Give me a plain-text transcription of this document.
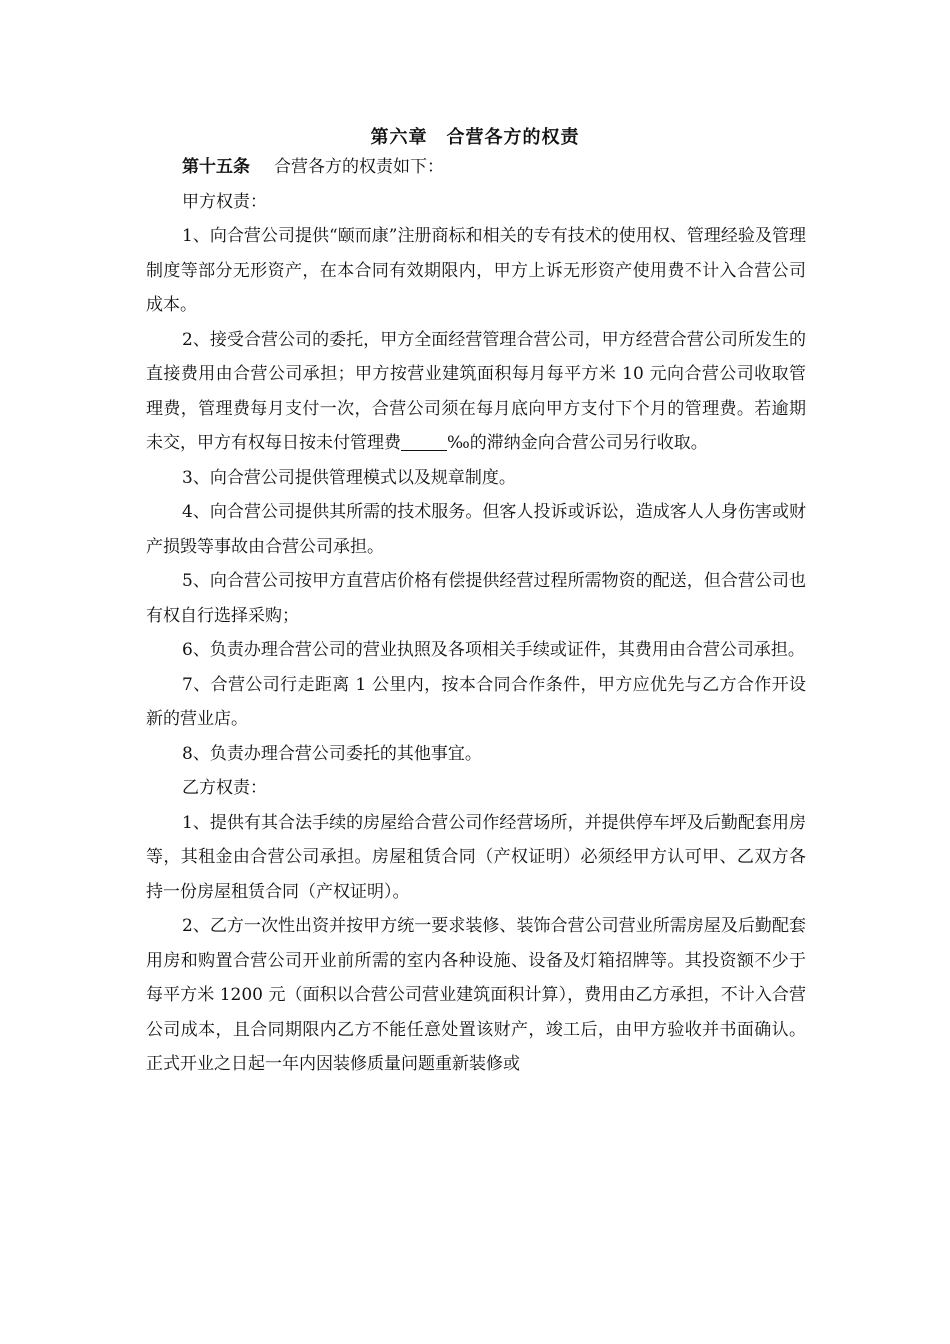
第六章　合营各方的权责

第十五条 合营各方的权责如下：

甲方权责：

1、向合营公司提供“颐而康”注册商标和相关的专有技术的使用权、管理经验及管理制度等部分无形资产，在本合同有效期限内，甲方上诉无形资产使用费不计入合营公司成本。

2、接受合营公司的委托，甲方全面经营管理合营公司，甲方经营合营公司所发生的直接费用由合营公司承担；甲方按营业建筑面积每月每平方米 10 元向合营公司收取管理费，管理费每月支付一次，合营公司须在每月底向甲方支付下个月的管理费。若逾期未交，甲方有权每日按未付管理费	‰的滞纳金向合营公司另行收取。

3、向合营公司提供管理模式以及规章制度。

4、向合营公司提供其所需的技术服务。但客人投诉或诉讼，造成客人人身伤害或财产损毁等事故由合营公司承担。

5、向合营公司按甲方直营店价格有偿提供经营过程所需物资的配送，但合营公司也有权自行选择采购；

6、负责办理合营公司的营业执照及各项相关手续或证件，其费用由合营公司承担。

7、合营公司行走距离 1 公里内，按本合同合作条件，甲方应优先与乙方合作开设新的营业店。

8、负责办理合营公司委托的其他事宜。

乙方权责：

1、提供有其合法手续的房屋给合营公司作经营场所，并提供停车坪及后勤配套用房等，其租金由合营公司承担。房屋租赁合同（产权证明）必须经甲方认可甲、乙双方各持一份房屋租赁合同（产权证明）。

2、乙方一次性出资并按甲方统一要求装修、装饰合营公司营业所需房屋及后勤配套用房和购置合营公司开业前所需的室内各种设施、设备及灯箱招牌等。其投资额不少于每平方米 1200 元（面积以合营公司营业建筑面积计算），费用由乙方承担，不计入合营公司成本，且合同期限内乙方不能任意处置该财产，竣工后，由甲方验收并书面确认。正式开业之日起一年内因装修质量问题重新装修或
